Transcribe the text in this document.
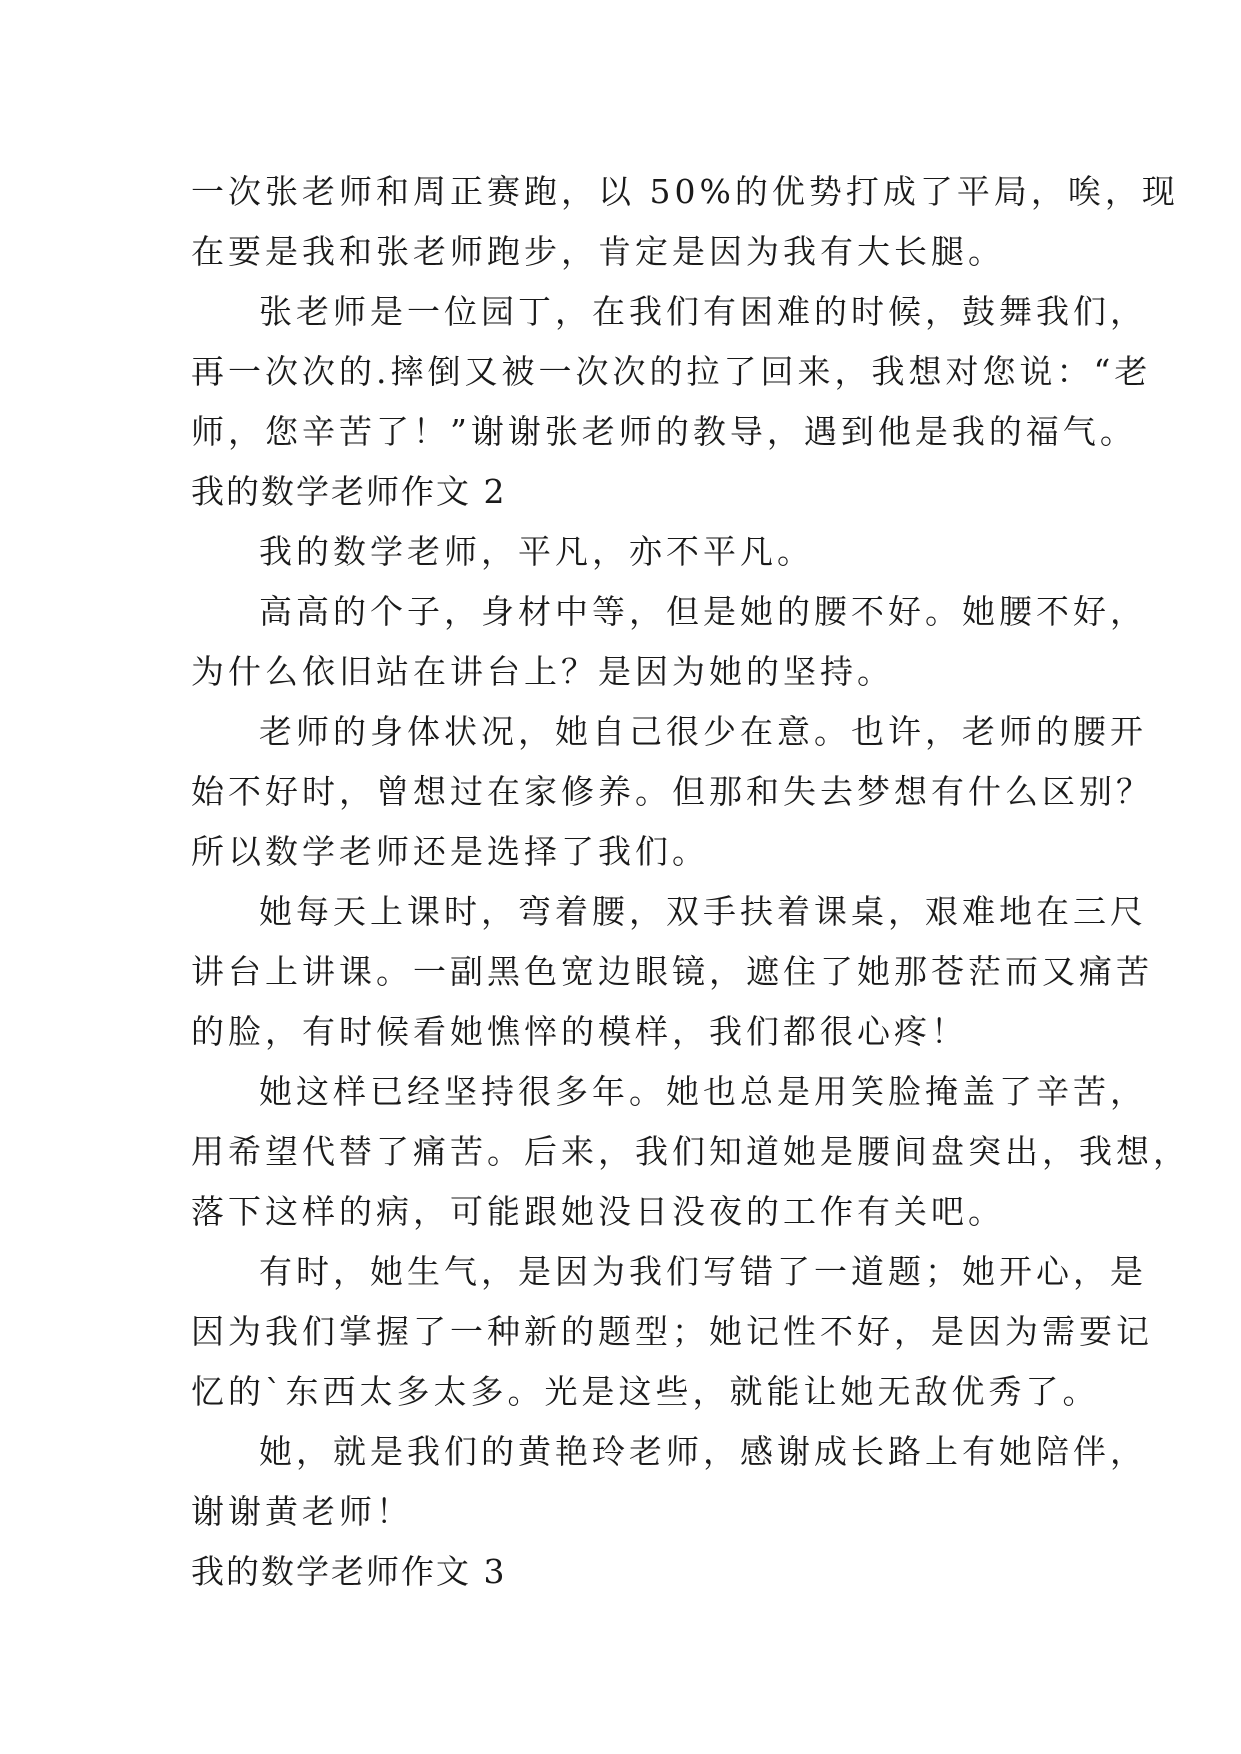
一次张老师和周正赛跑，以 50%的优势打成了平局，唉，现
在要是我和张老师跑步，肯定是因为我有大长腿。
张老师是一位园丁，在我们有困难的时候，鼓舞我们，
再一次次的.摔倒又被一次次的拉了回来，我想对您说：“老
师，您辛苦了！”谢谢张老师的教导，遇到他是我的福气。
我的数学老师作文 2
我的数学老师，平凡，亦不平凡。
高高的个子，身材中等，但是她的腰不好。她腰不好，
为什么依旧站在讲台上？是因为她的坚持。
老师的身体状况，她自己很少在意。也许，老师的腰开
始不好时，曾想过在家修养。但那和失去梦想有什么区别？
所以数学老师还是选择了我们。
她每天上课时，弯着腰，双手扶着课桌，艰难地在三尺
讲台上讲课。一副黑色宽边眼镜，遮住了她那苍茫而又痛苦
的脸，有时候看她憔悴的模样，我们都很心疼！
她这样已经坚持很多年。她也总是用笑脸掩盖了辛苦，
用希望代替了痛苦。后来，我们知道她是腰间盘突出，我想，
落下这样的病，可能跟她没日没夜的工作有关吧。
有时，她生气，是因为我们写错了一道题；她开心，是
因为我们掌握了一种新的题型；她记性不好，是因为需要记
忆的`东西太多太多。光是这些，就能让她无敌优秀了。
她，就是我们的黄艳玲老师，感谢成长路上有她陪伴，
谢谢黄老师！
我的数学老师作文 3
